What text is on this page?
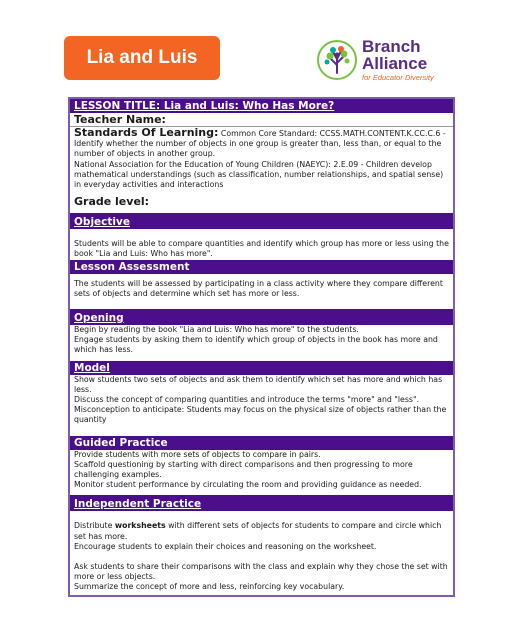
Lia and Luis
Branch
Alliance
for Educator Diversity
LESSON TITLE: Lia and Luis: Who Has More?
Teacher Name:
Standards Of Learning: Common Core Standard: CCSS.MATH.CONTENT.K.CC.C.6 - Identify whether the number of objects in one group is greater than, less than, or equal to the number of objects in another group.
National Association for the Education of Young Children (NAEYC): 2.E.09 - Children develop mathematical understandings (such as classification, number relationships, and spatial sense) in everyday activities and interactions
Grade level:
Objective
Students will be able to compare quantities and identify which group has more or less using the book "Lia and Luis: Who has more".
Lesson Assessment
The students will be assessed by participating in a class activity where they compare different sets of objects and determine which set has more or less.
Opening
Begin by reading the book "Lia and Luis: Who has more" to the students.
Engage students by asking them to identify which group of objects in the book has more and which has less.
Model
Show students two sets of objects and ask them to identify which set has more and which has less.
Discuss the concept of comparing quantities and introduce the terms "more" and "less".
Misconception to anticipate: Students may focus on the physical size of objects rather than the quantity
Guided Practice
Provide students with more sets of objects to compare in pairs.
Scaffold questioning by starting with direct comparisons and then progressing to more challenging examples.
Monitor student performance by circulating the room and providing guidance as needed.
Independent Practice
Distribute worksheets with different sets of objects for students to compare and circle which set has more.
Encourage students to explain their choices and reasoning on the worksheet.
Ask students to share their comparisons with the class and explain why they chose the set with more or less objects.
Summarize the concept of more and less, reinforcing key vocabulary.
